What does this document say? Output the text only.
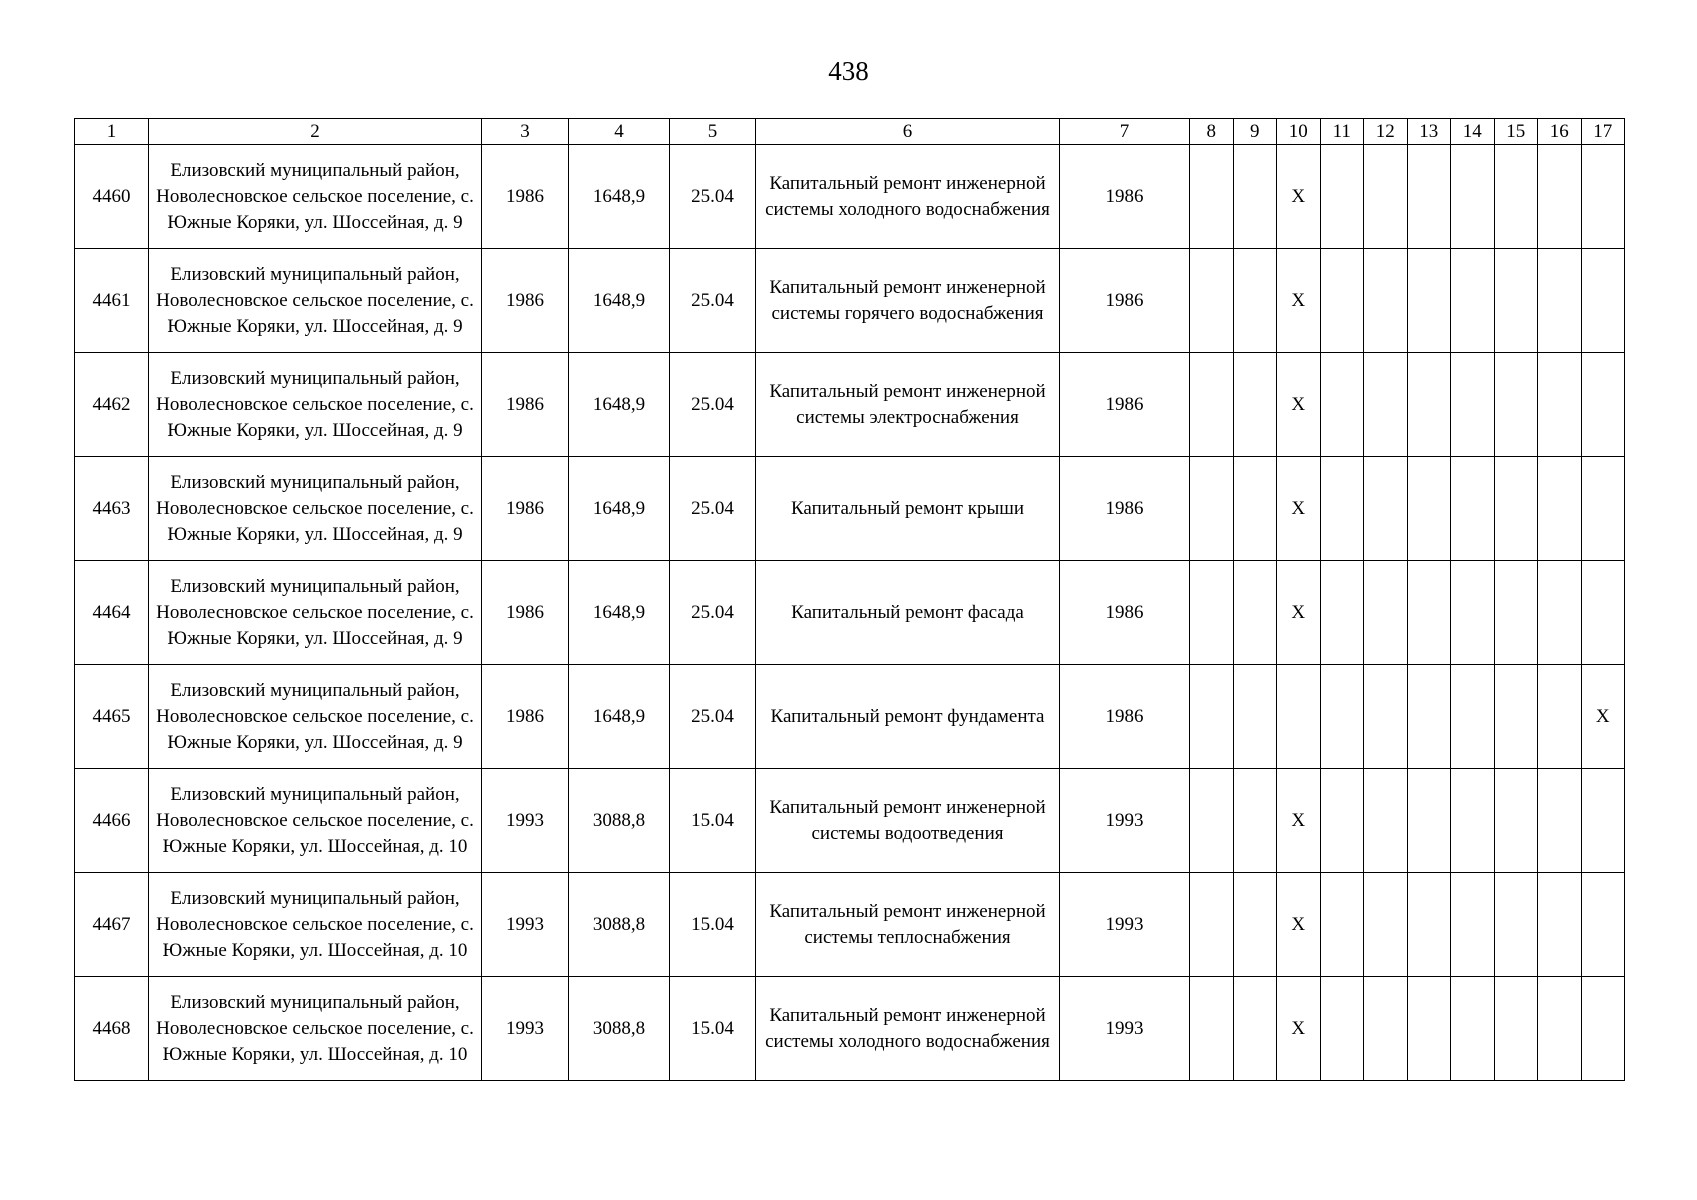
438
1	2	3	4	5	6	7	8	9	10	11	12	13	14	15	16	17
4460	Елизовский муниципальный район, Новолесновское сельское поселение, с. Южные Коряки, ул. Шоссейная, д. 9	1986	1648,9	25.04	Капитальный ремонт инженерной системы холодного водоснабжения	1986			X							
4461	Елизовский муниципальный район, Новолесновское сельское поселение, с. Южные Коряки, ул. Шоссейная, д. 9	1986	1648,9	25.04	Капитальный ремонт инженерной системы горячего водоснабжения	1986			X							
4462	Елизовский муниципальный район, Новолесновское сельское поселение, с. Южные Коряки, ул. Шоссейная, д. 9	1986	1648,9	25.04	Капитальный ремонт инженерной системы электроснабжения	1986			X							
4463	Елизовский муниципальный район, Новолесновское сельское поселение, с. Южные Коряки, ул. Шоссейная, д. 9	1986	1648,9	25.04	Капитальный ремонт крыши	1986			X							
4464	Елизовский муниципальный район, Новолесновское сельское поселение, с. Южные Коряки, ул. Шоссейная, д. 9	1986	1648,9	25.04	Капитальный ремонт фасада	1986			X							
4465	Елизовский муниципальный район, Новолесновское сельское поселение, с. Южные Коряки, ул. Шоссейная, д. 9	1986	1648,9	25.04	Капитальный ремонт фундамента	1986										X
4466	Елизовский муниципальный район, Новолесновское сельское поселение, с. Южные Коряки, ул. Шоссейная, д. 10	1993	3088,8	15.04	Капитальный ремонт инженерной системы водоотведения	1993			X							
4467	Елизовский муниципальный район, Новолесновское сельское поселение, с. Южные Коряки, ул. Шоссейная, д. 10	1993	3088,8	15.04	Капитальный ремонт инженерной системы теплоснабжения	1993			X							
4468	Елизовский муниципальный район, Новолесновское сельское поселение, с. Южные Коряки, ул. Шоссейная, д. 10	1993	3088,8	15.04	Капитальный ремонт инженерной системы холодного водоснабжения	1993			X							
